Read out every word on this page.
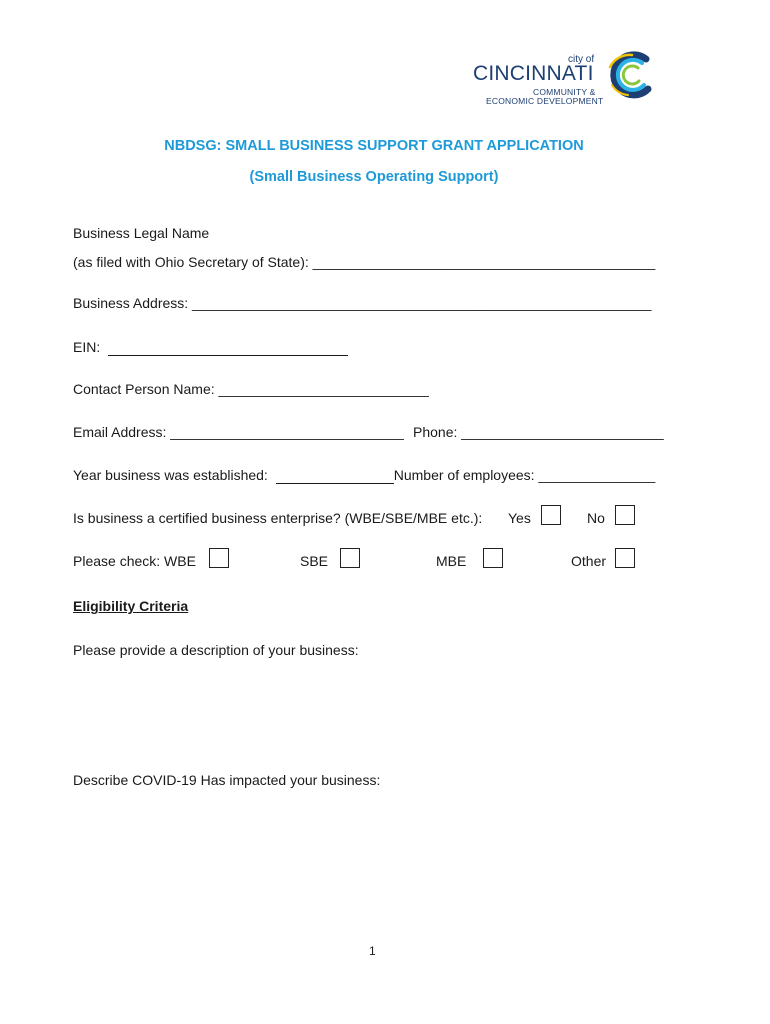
city of
CINCINNATI
COMMUNITY &
ECONOMIC DEVELOPMENT
NBDSG: SMALL BUSINESS SUPPORT GRANT APPLICATION
(Small Business Operating Support)
Business Legal Name
(as filed with Ohio Secretary of State): ____________________________________________
Business Address: ___________________________________________________________
EIN:
Contact Person Name: ___________________________
Email Address: ______________________________ Phone: __________________________
Year business was established:	Number of employees: _______________
Is business a certified business enterprise? (WBE/SBE/MBE etc.): Yes	No
Please check: WBE	SBE	MBE	Other
Eligibility Criteria
Please provide a description of your business:
Describe COVID-19 Has impacted your business:
1
